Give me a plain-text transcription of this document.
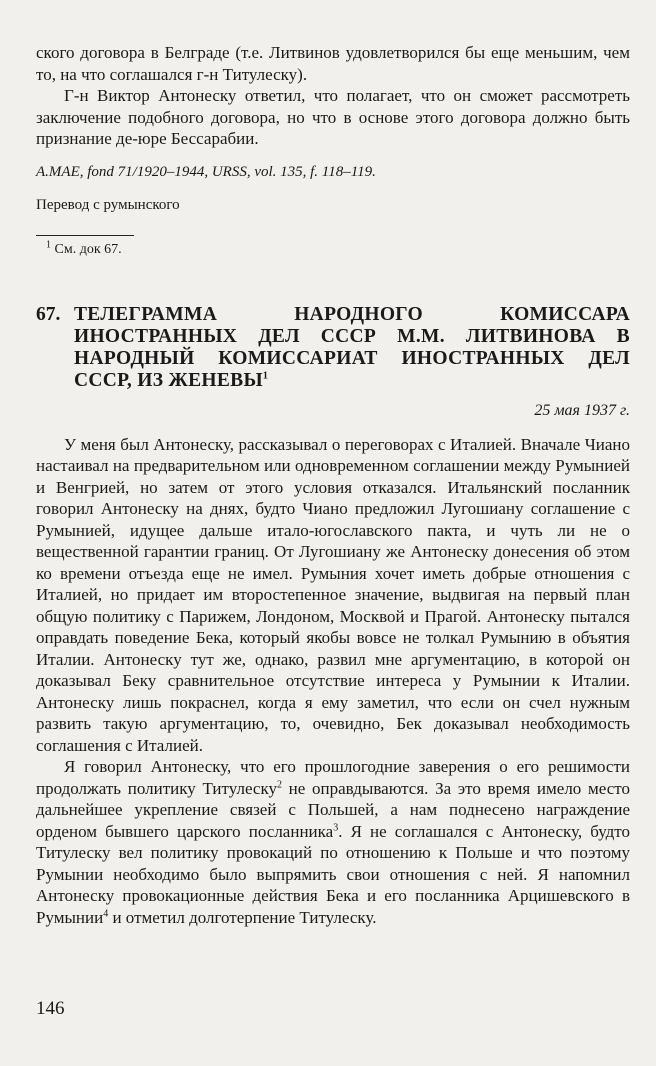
ского договора в Белграде (т.е. Литвинов удовлетворился бы еще меньшим, чем то, на что соглашался г-н Титулеску).

Г-н Виктор Антонеску ответил, что полагает, что он сможет рассмотреть заключение подобного договора, но что в основе этого договора должно быть признание де-юре Бессарабии.

A.MAE, fond 71/1920–1944, URSS, vol. 135, f. 118–119.

Перевод с румынского

$^1$ См. док 67.

67. ТЕЛЕГРАММА НАРОДНОГО КОМИССАРА ИНОСТРАННЫХ ДЕЛ СССР М.М. ЛИТВИНОВА В НАРОДНЫЙ КОМИССАРИАТ ИНОСТРАННЫХ ДЕЛ СССР, ИЗ ЖЕНЕВЫ$^1$

25 мая 1937 г.

У меня был Антонеску, рассказывал о переговорах с Италией. Вначале Чиано настаивал на предварительном или одновременном соглашении между Румынией и Венгрией, но затем от этого условия отказался. Итальянский посланник говорил Антонеску на днях, будто Чиано предложил Лугошиану соглашение с Румынией, идущее дальше итало-югославского пакта, и чуть ли не о вещественной гарантии границ. От Лугошиану же Антонеску донесения об этом ко времени отъезда еще не имел. Румыния хочет иметь добрые отношения с Италией, но придает им второстепенное значение, выдвигая на первый план общую политику с Парижем, Лондоном, Москвой и Прагой. Антонеску пытался оправдать поведение Бека, который якобы вовсе не толкал Румынию в объятия Италии. Антонеску тут же, однако, развил мне аргументацию, в которой он доказывал Беку сравнительное отсутствие интереса у Румынии к Италии. Антонеску лишь покраснел, когда я ему заметил, что если он счел нужным развить такую аргументацию, то, очевидно, Бек доказывал необходимость соглашения с Италией.

Я говорил Антонеску, что его прошлогодние заверения о его решимости продолжать политику Титулеску$^2$ не оправдываются. За это время имело место дальнейшее укрепление связей с Польшей, а нам поднесено награждение орденом бывшего царского посланника$^3$. Я не соглашался с Антонеску, будто Титулеску вел политику провокаций по отношению к Польше и что поэтому Румынии необходимо было выпрямить свои отношения с ней. Я напомнил Антонеску провокационные действия Бека и его посланника Арцишевского в Румынии$^4$ и отметил долготерпение Титулеску.

146
